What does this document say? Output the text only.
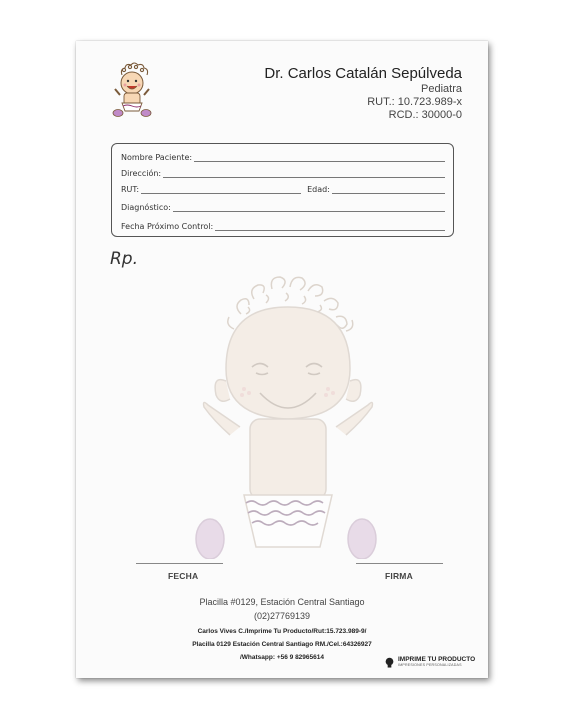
Dr. Carlos Catalán Sepúlveda
Pediatra
RUT.: 10.723.989-x
RCD.: 30000-0
Nombre Paciente:
Dirección:
RUT:	Edad:
Diagnóstico:
Fecha Próximo Control:
Rp.
FECHA	FIRMA
Placilla #0129, Estación Central Santiago
(02)27769139
Carlos Vives C./Imprime Tu Producto/Rut:15.723.989-9/
Placilla 0129 Estación Central Santiago RM./Cel.:64326927
/Whatsapp: +56 9 82965614	IMPRIME TU PRODUCTO
IMPRESIONES PERSONALIZADAS
